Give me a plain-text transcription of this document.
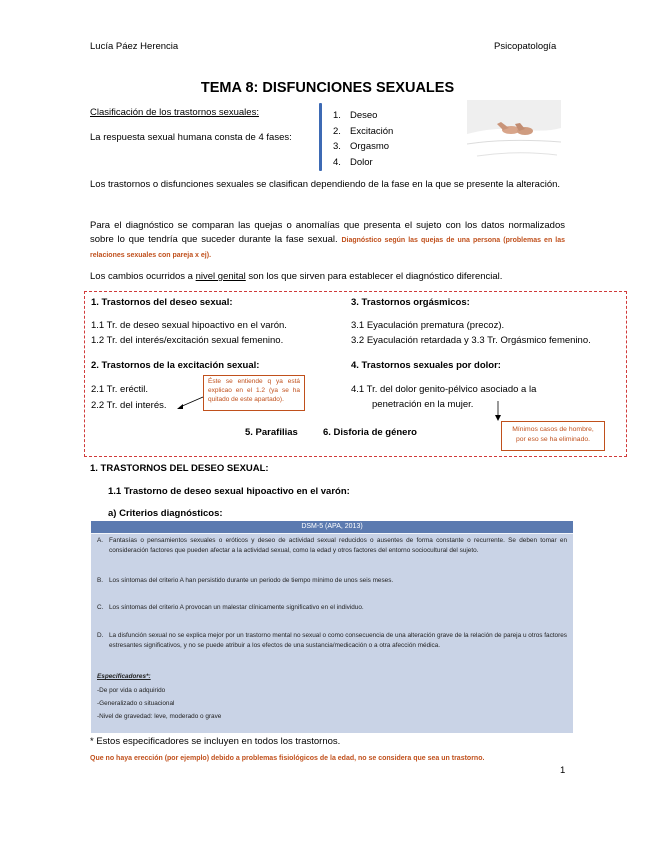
Lucía Páez Herencia	Psicopatología
TEMA 8: DISFUNCIONES SEXUALES
Clasificación de los trastornos sexuales:
La respuesta sexual humana consta de 4 fases:
1. Deseo
2. Excitación
3. Orgasmo
4. Dolor
Los trastornos o disfunciones sexuales se clasifican dependiendo de la fase en la que se presente la alteración.
Para el diagnóstico se comparan las quejas o anomalías que presenta el sujeto con los datos normalizados sobre lo que tendría que suceder durante la fase sexual. Diagnóstico según las quejas de una persona (problemas en las relaciones sexuales con pareja x ej).
Los cambios ocurridos a nivel genital son los que sirven para establecer el diagnóstico diferencial.
1. Trastornos del deseo sexual:
1.1 Tr. de deseo sexual hipoactivo en el varón.
1.2 Tr. del interés/excitación sexual femenino.
2. Trastornos de la excitación sexual:
2.1 Tr. eréctil.
2.2 Tr. del interés.
3. Trastornos orgásmicos:
3.1 Eyaculación prematura (precoz).
3.2 Eyaculación retardada y 3.3 Tr. Orgásmico femenino.
4. Trastornos sexuales por dolor:
4.1 Tr. del dolor genito-pélvico asociado a la
penetración en la mujer.
5. Parafilias	6. Disforia de género
Éste se entiende q ya está explicao en el 1.2 (ya se ha quitado de este apartado).
Mínimos casos de hombre, por eso se ha eliminado.
1. TRASTORNOS DEL DESEO SEXUAL:
1.1 Trastorno de deseo sexual hipoactivo en el varón:
a) Criterios diagnósticos:
DSM-5 (APA, 2013)
A. Fantasías o pensamientos sexuales o eróticos y deseo de actividad sexual reducidos o ausentes de forma constante o recurrente. Se deben tomar en consideración factores que pueden afectar a la actividad sexual, como la edad y otros factores del entorno sociocultural del sujeto.
B. Los síntomas del criterio A han persistido durante un periodo de tiempo mínimo de unos seis meses.
C. Los síntomas del criterio A provocan un malestar clínicamente significativo en el individuo.
D. La disfunción sexual no se explica mejor por un trastorno mental no sexual o como consecuencia de una alteración grave de la relación de pareja u otros factores estresantes significativos, y no se puede atribuir a los efectos de una sustancia/medicación o a otra afección médica.
Especificadores*:
-De por vida o adquirido
-Generalizado o situacional
-Nivel de gravedad: leve, moderado o grave
* Estos especificadores se incluyen en todos los trastornos.
Que no haya erección (por ejemplo) debido a problemas fisiológicos de la edad, no se considera que sea un trastorno.
1
